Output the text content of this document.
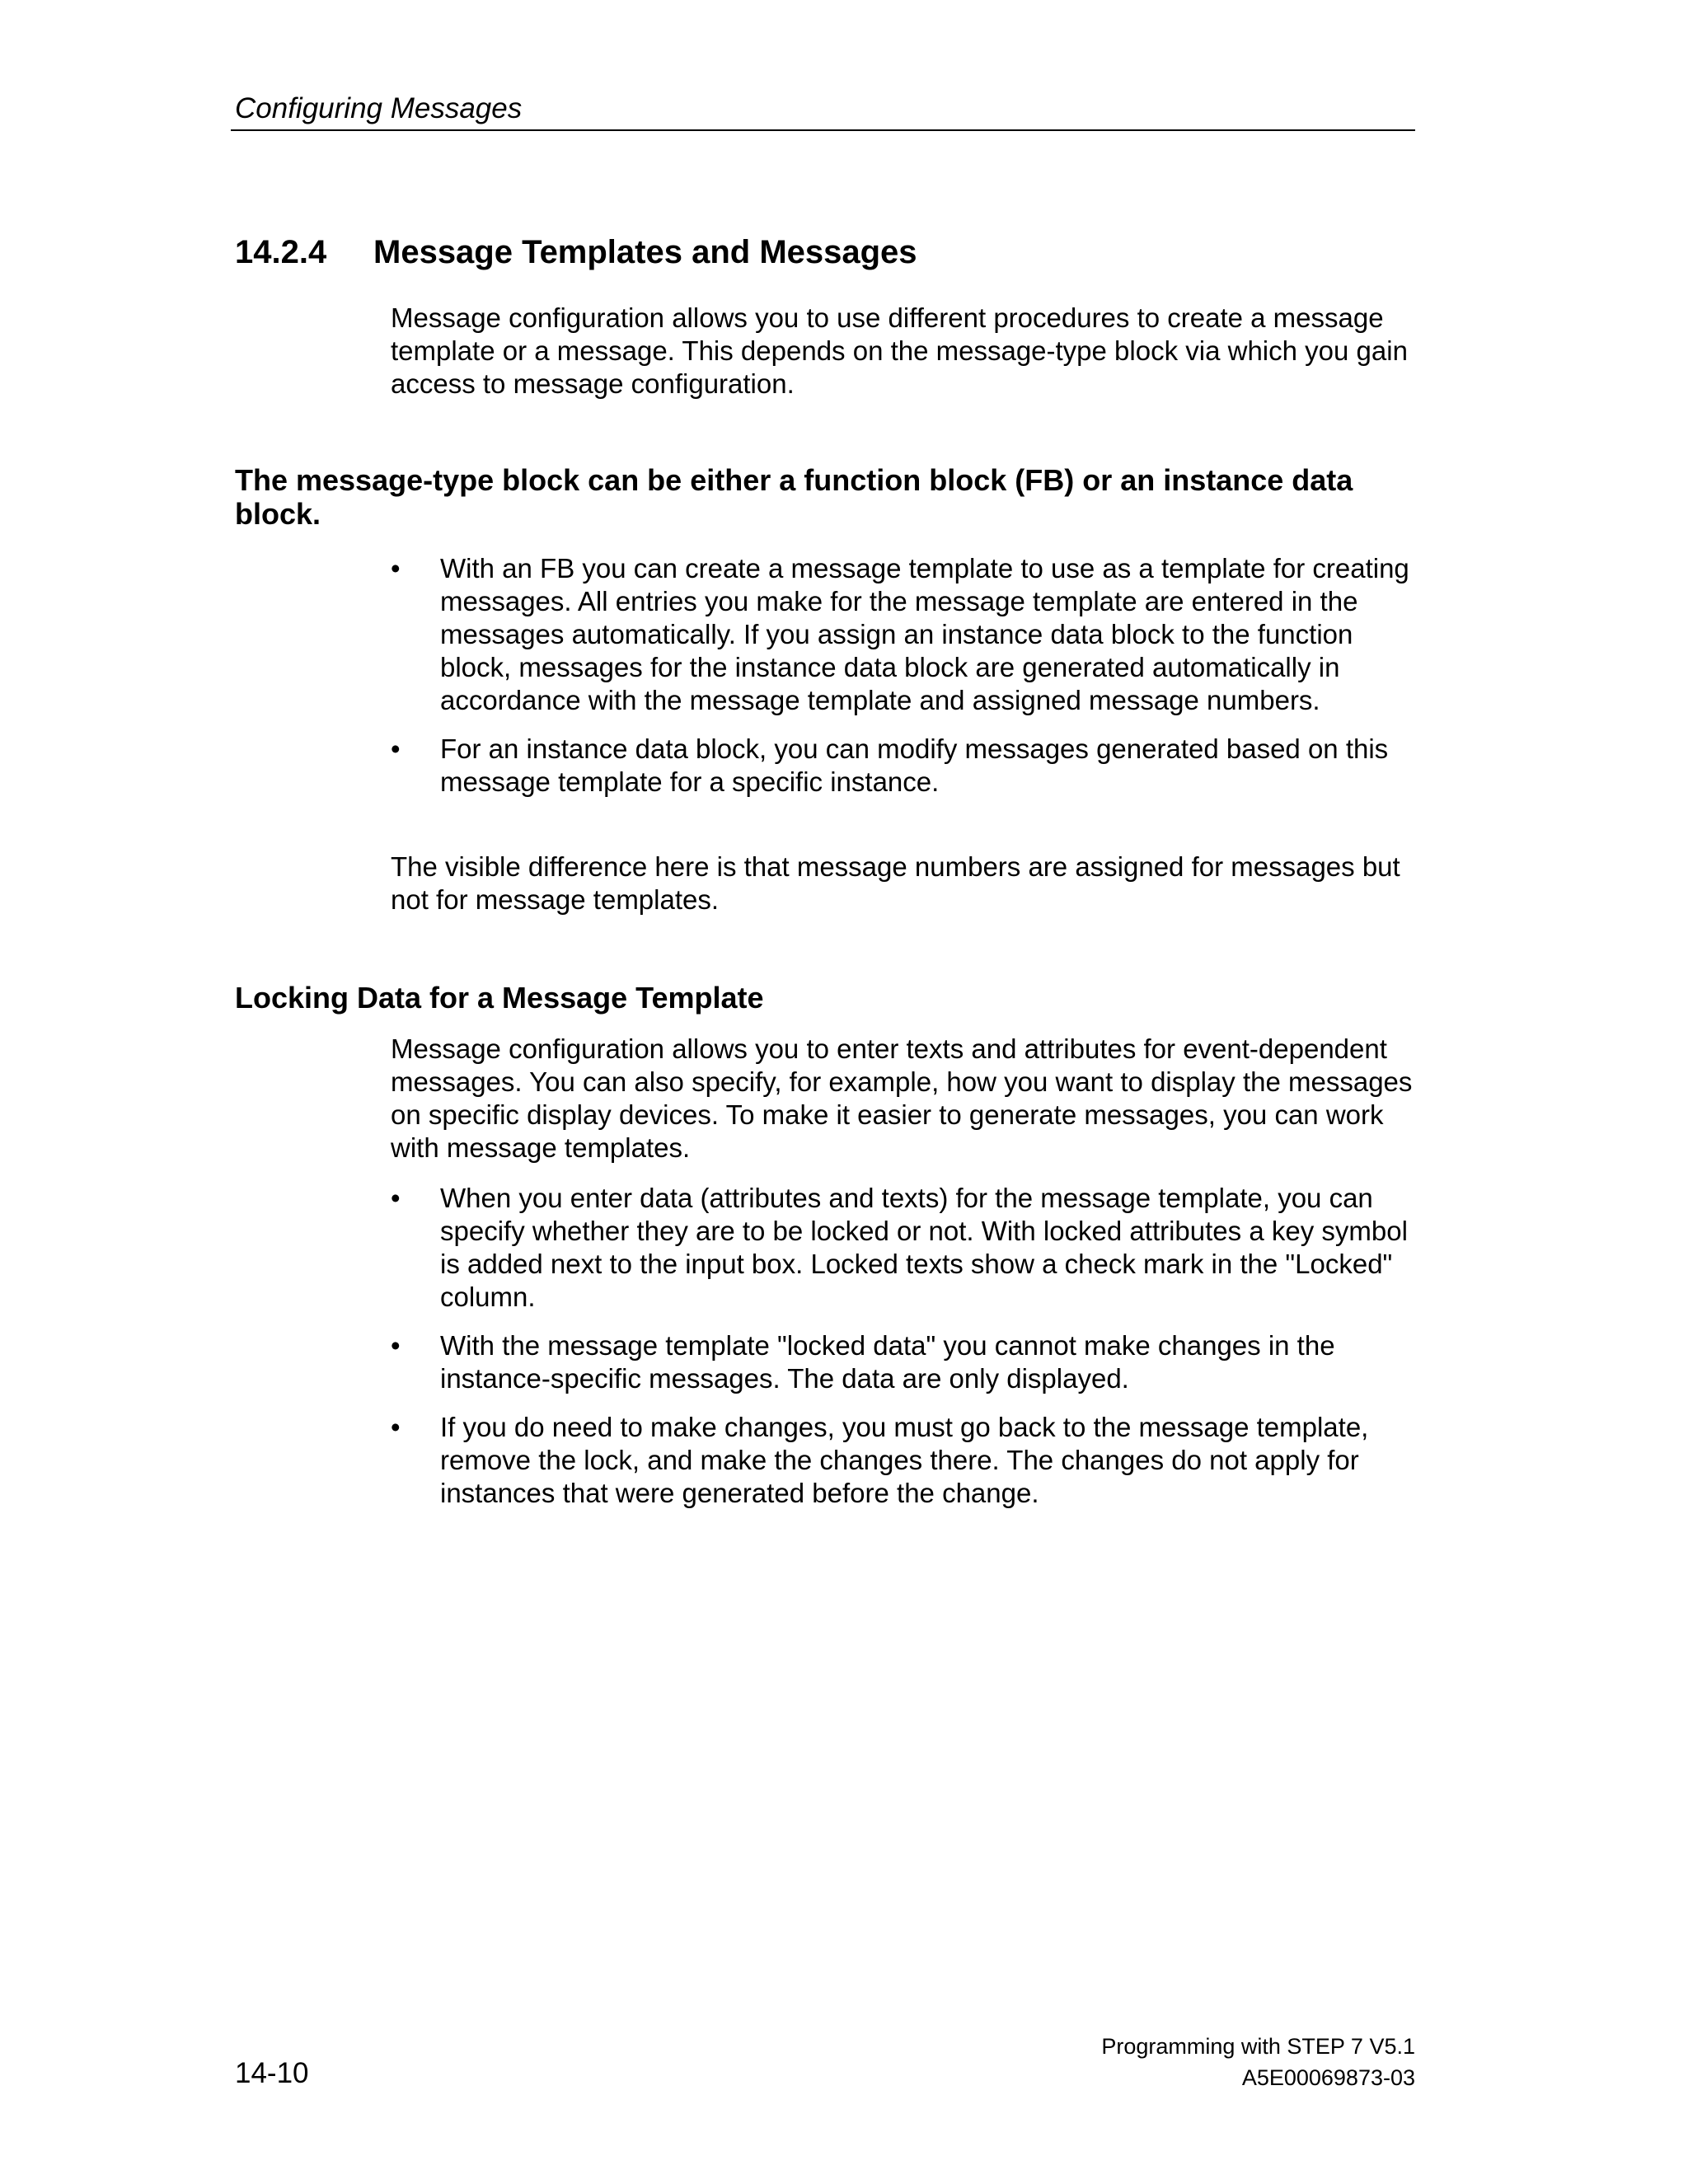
Configuring Messages
14.2.4 Message Templates and Messages

Message configuration allows you to use different procedures to create a message template or a message. This depends on the message-type block via which you gain access to message configuration.

The message-type block can be either a function block (FB) or an instance data block.

• With an FB you can create a message template to use as a template for creating messages. All entries you make for the message template are entered in the messages automatically. If you assign an instance data block to the function block, messages for the instance data block are generated automatically in accordance with the message template and assigned message numbers.
• For an instance data block, you can modify messages generated based on this message template for a specific instance.

The visible difference here is that message numbers are assigned for messages but not for message templates.

Locking Data for a Message Template

Message configuration allows you to enter texts and attributes for event-dependent messages. You can also specify, for example, how you want to display the messages on specific display devices. To make it easier to generate messages, you can work with message templates.

• When you enter data (attributes and texts) for the message template, you can specify whether they are to be locked or not. With locked attributes a key symbol is added next to the input box. Locked texts show a check mark in the "Locked" column.
• With the message template "locked data" you cannot make changes in the instance-specific messages. The data are only displayed.
• If you do need to make changes, you must go back to the message template, remove the lock, and make the changes there. The changes do not apply for instances that were generated before the change.
14-10
Programming with STEP 7 V5.1
A5E00069873-03
